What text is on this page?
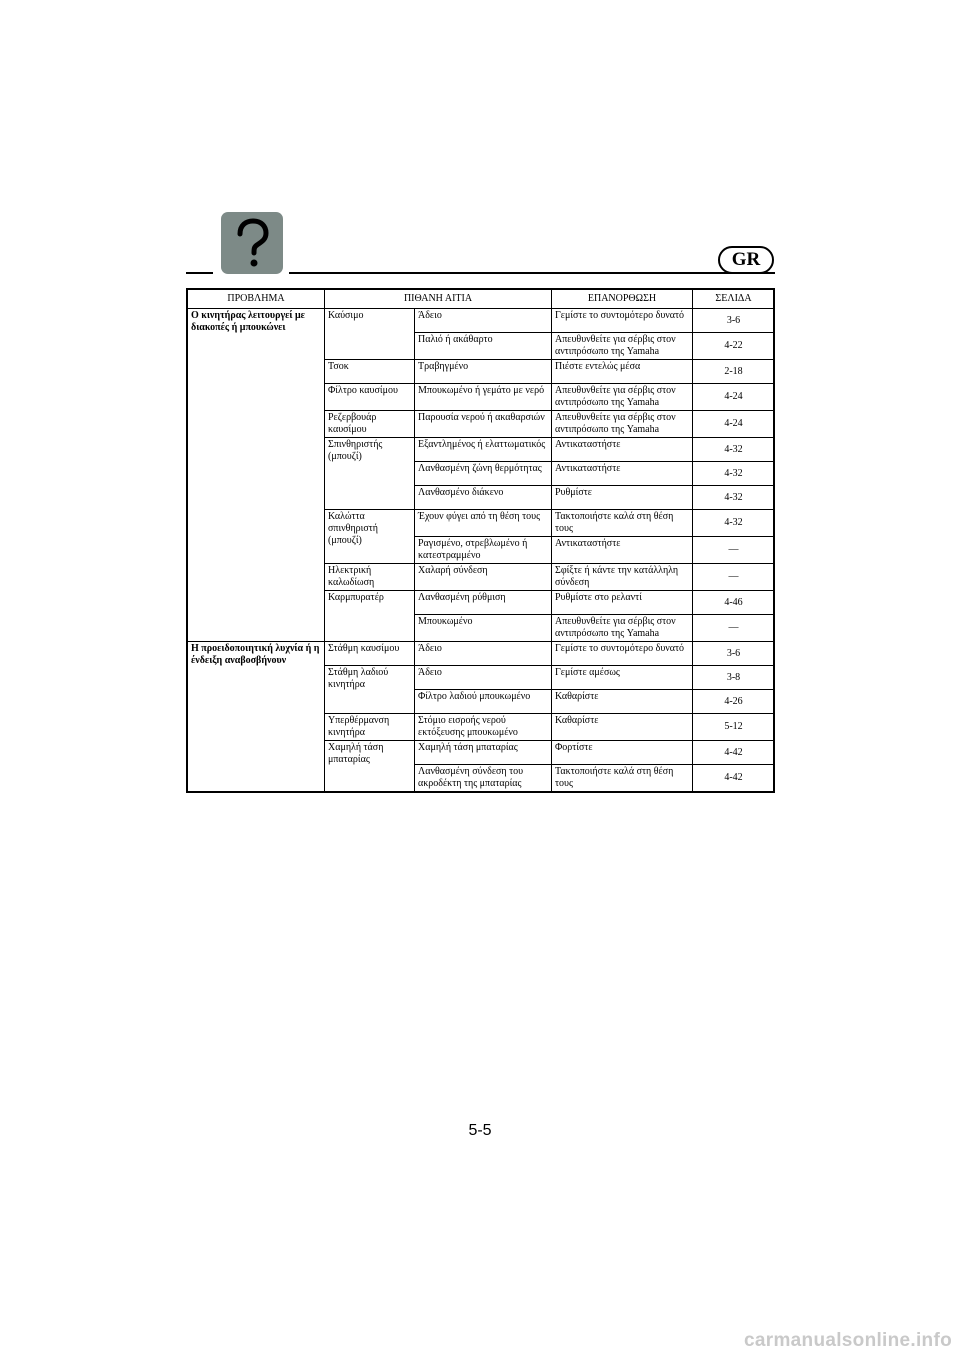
GR
ΠΡΟΒΛΗΜΑ	ΠΙΘΑΝΗ ΑΙΤΙΑ		ΕΠΑΝΟΡΘΩΣΗ	ΣΕΛΙΔΑ
Ο κινητήρας λειτουργεί με διακοπές ή μπουκώνει	Καύσιμο	Άδειο	Γεμίστε το συντομότερο δυνατό	3-6
		Παλιό ή ακάθαρτο	Απευθυνθείτε για σέρβις στον αντιπρόσωπο της Yamaha	4-22
	Τσοκ	Τραβηγμένο	Πιέστε εντελώς μέσα	2-18
	Φίλτρο καυσίμου	Μπουκωμένο ή γεμάτο με νερό	Απευθυνθείτε για σέρβις στον αντιπρόσωπο της Yamaha	4-24
	Ρεζερβουάρ καυσίμου	Παρουσία νερού ή ακαθαρσιών	Απευθυνθείτε για σέρβις στον αντιπρόσωπο της Yamaha	4-24
	Σπινθηριστής (μπουζί)	Εξαντλημένος ή ελαττωματικός	Αντικαταστήστε	4-32
		Λανθασμένη ζώνη θερμότητας	Αντικαταστήστε	4-32
		Λανθασμένο διάκενο	Ρυθμίστε	4-32
	Καλώττα σπινθηριστή (μπουζί)	Έχουν φύγει από τη θέση τους	Τακτοποιήστε καλά στη θέση τους	4-32
		Ραγισμένο, στρεβλωμένο ή κατεστραμμένο	Αντικαταστήστε	—
	Ηλεκτρική καλωδίωση	Χαλαρή σύνδεση	Σφίξτε ή κάντε την κατάλληλη σύνδεση	—
	Καρμπυρατέρ	Λανθασμένη ρύθμιση	Ρυθμίστε στο ρελαντί	4-46
		Μπουκωμένο	Απευθυνθείτε για σέρβις στον αντιπρόσωπο της Yamaha	—
Η προειδοποιητική λυχνία ή η ένδειξη αναβοσβήνουν	Στάθμη καυσίμου	Άδειο	Γεμίστε το συντομότερο δυνατό	3-6
	Στάθμη λαδιού κινητήρα	Άδειο	Γεμίστε αμέσως	3-8
		Φίλτρο λαδιού μπουκωμένο	Καθαρίστε	4-26
	Υπερθέρμανση κινητήρα	Στόμιο εισροής νερού εκτόξευσης μπουκωμένο	Καθαρίστε	5-12
	Χαμηλή τάση μπαταρίας	Χαμηλή τάση μπαταρίας	Φορτίστε	4-42
		Λανθασμένη σύνδεση του ακροδέκτη της μπαταρίας	Τακτοποιήστε καλά στη θέση τους	4-42
5-5
carmanualsonline.info
